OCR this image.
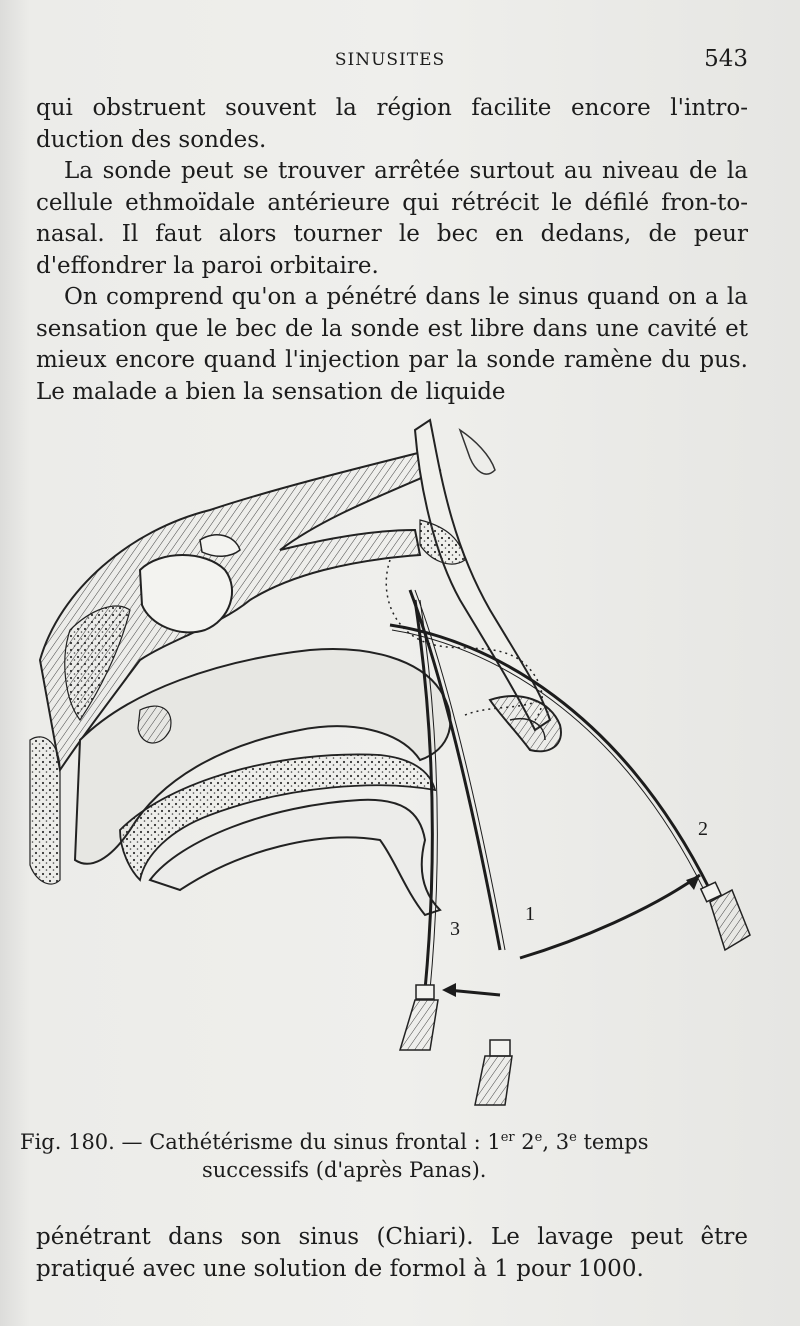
SINUSITES	543

qui obstruent souvent la région facilite encore l'intro-duction des sondes.

La sonde peut se trouver arrêtée surtout au niveau de la cellule ethmoïdale antérieure qui rétrécit le défilé fron-to-nasal. Il faut alors tourner le bec en dedans, de peur d'effondrer la paroi orbitaire.

On comprend qu'on a pénétré dans le sinus quand on a la sensation que le bec de la sonde est libre dans une cavité et mieux encore quand l'injection par la sonde ramène du pus. Le malade a bien la sensation de liquide

2
1
3
Fig. 180. — Cathétérisme du sinus frontal : 1er 2e, 3e temps
successifs (d'après Panas).

pénétrant dans son sinus (Chiari). Le lavage peut être pratiqué avec une solution de formol à 1 pour 1000.
